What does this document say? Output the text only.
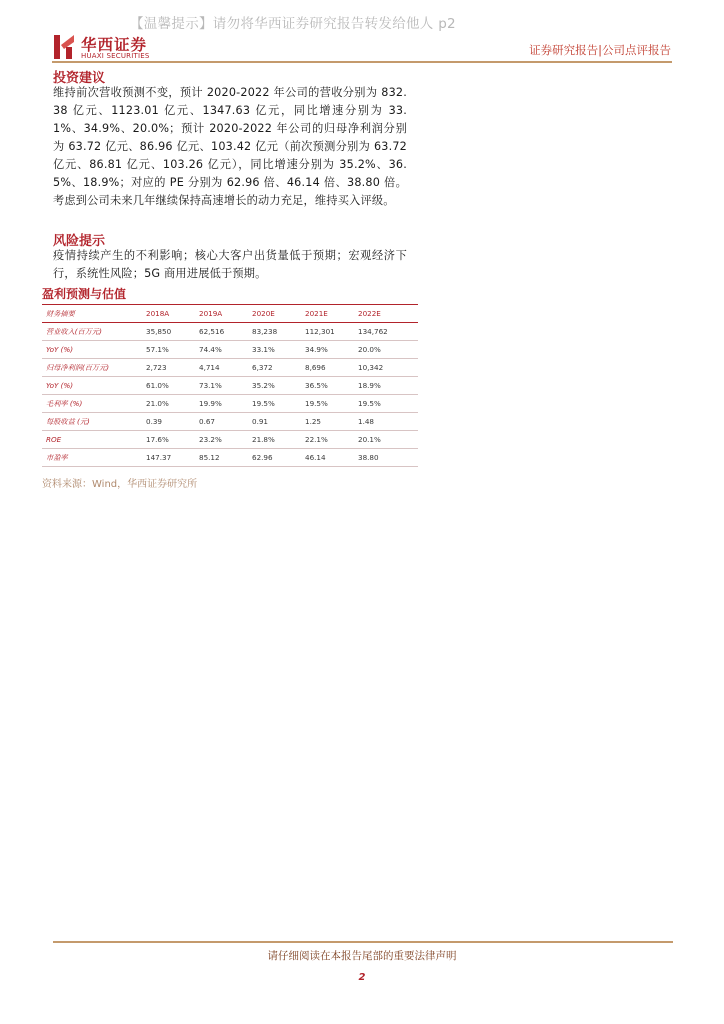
【温馨提示】请勿将华西证券研究报告转发给他人 p2
华西证券
HUAXI SECURITIES	证券研究报告|公司点评报告
投资建议
维持前次营收预测不变，预计 2020-2022 年公司的营收分别为 832.38 亿元、1123.01 亿元、1347.63 亿元，同比增速分别为 33.1%、34.9%、20.0%；预计 2020-2022 年公司的归母净利润分别为 63.72 亿元、86.96 亿元、103.42 亿元（前次预测分别为 63.72 亿元、86.81 亿元、103.26 亿元），同比增速分别为 35.2%、36.5%、18.9%；对应的 PE 分别为 62.96 倍、46.14 倍、38.80 倍。考虑到公司未来几年继续保持高速增长的动力充足，维持买入评级。
风险提示
疫情持续产生的不利影响；核心大客户出货量低于预期；宏观经济下行，系统性风险；5G 商用进展低于预期。
盈利预测与估值
财务摘要	2018A	2019A	2020E	2021E	2022E
营业收入(百万元)	35,850	62,516	83,238	112,301	134,762
YoY (%)	57.1%	74.4%	33.1%	34.9%	20.0%
归母净利润(百万元)	2,723	4,714	6,372	8,696	10,342
YoY (%)	61.0%	73.1%	35.2%	36.5%	18.9%
毛利率 (%)	21.0%	19.9%	19.5%	19.5%	19.5%
每股收益 (元)	0.39	0.67	0.91	1.25	1.48
ROE	17.6%	23.2%	21.8%	22.1%	20.1%
市盈率	147.37	85.12	62.96	46.14	38.80
资料来源：Wind，华西证券研究所
请仔细阅读在本报告尾部的重要法律声明
2
